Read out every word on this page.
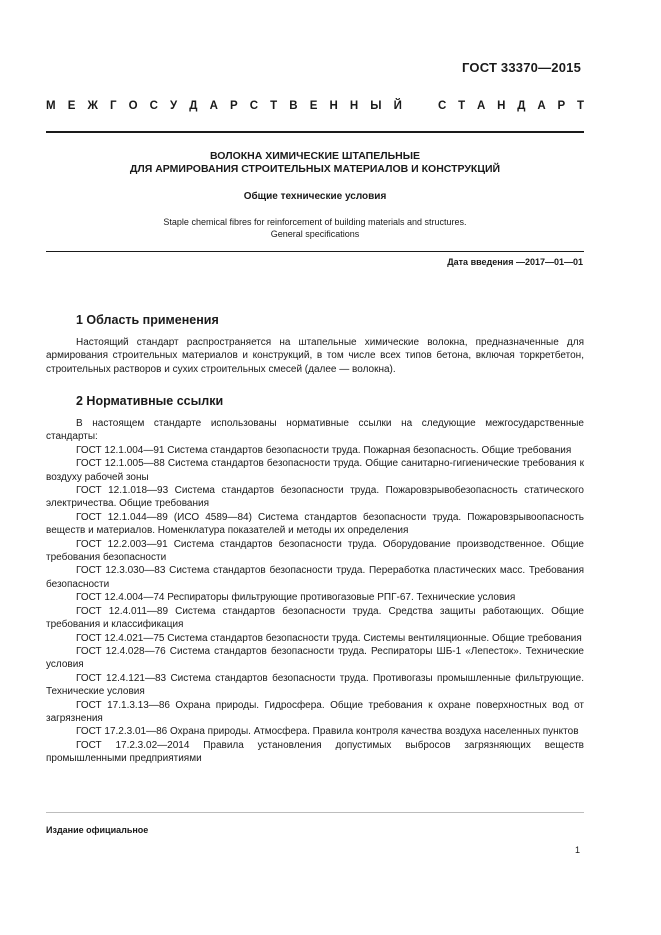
ГОСТ 33370—2015
М Е Ж Г О С У Д А Р С Т В Е Н Н Ы Й	С Т А Н Д А Р Т
ВОЛОКНА ХИМИЧЕСКИЕ ШТАПЕЛЬНЫЕ
ДЛЯ АРМИРОВАНИЯ СТРОИТЕЛЬНЫХ МАТЕРИАЛОВ И КОНСТРУКЦИЙ
Общие технические условия
Staple chemical fibres for reinforcement of building materials and structures.
General specifications
Дата введения —2017—01—01
1 Область применения

Настоящий стандарт распространяется на штапельные химические волокна, предназначенные для армирования строительных материалов и конструкций, в том числе всех типов бетона, включая торкретбетон, строительных растворов и сухих строительных смесей (далее — волокна).

2 Нормативные ссылки

В настоящем стандарте использованы нормативные ссылки на следующие межгосударственные стандарты:

ГОСТ 12.1.004—91 Система стандартов безопасности труда. Пожарная безопасность. Общие требования

ГОСТ 12.1.005—88 Система стандартов безопасности труда. Общие санитарно-гигиенические требования к воздуху рабочей зоны

ГОСТ 12.1.018—93 Система стандартов безопасности труда. Пожаровзрывобезопасность статического электричества. Общие требования

ГОСТ 12.1.044—89 (ИСО 4589—84) Система стандартов безопасности труда. Пожаровзрывоопасность веществ и материалов. Номенклатура показателей и методы их определения

ГОСТ 12.2.003—91 Система стандартов безопасности труда. Оборудование производственное. Общие требования безопасности

ГОСТ 12.3.030—83 Система стандартов безопасности труда. Переработка пластических масс. Требования безопасности

ГОСТ 12.4.004—74 Респираторы фильтрующие противогазовые РПГ-67. Технические условия

ГОСТ 12.4.011—89 Система стандартов безопасности труда. Средства защиты работающих. Общие требования и классификация

ГОСТ 12.4.021—75 Система стандартов безопасности труда. Системы вентиляционные. Общие требования

ГОСТ 12.4.028—76 Система стандартов безопасности труда. Респираторы ШБ-1 «Лепесток». Технические условия

ГОСТ 12.4.121—83 Система стандартов безопасности труда. Противогазы промышленные фильтрующие. Технические условия

ГОСТ 17.1.3.13—86 Охрана природы. Гидросфера. Общие требования к охране поверхностных вод от загрязнения

ГОСТ 17.2.3.01—86 Охрана природы. Атмосфера. Правила контроля качества воздуха населенных пунктов

ГОСТ 17.2.3.02—2014 Правила установления допустимых выбросов загрязняющих веществ промышленными предприятиями

Издание официальное
1
